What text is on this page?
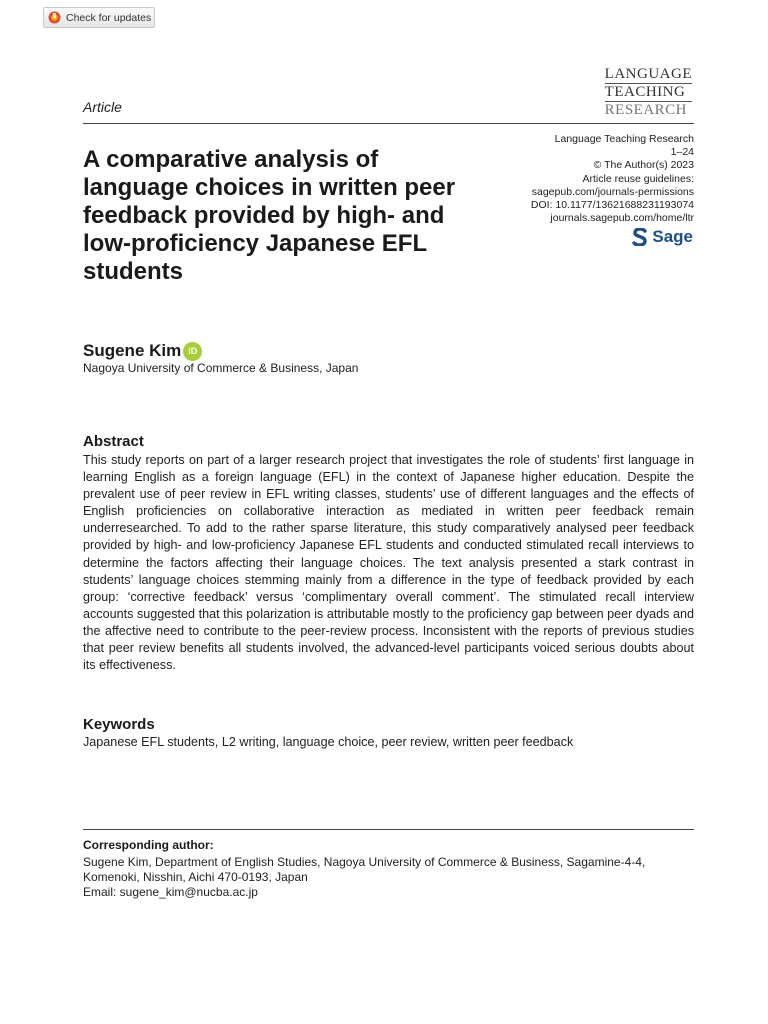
Check for updates
LANGUAGE
TEACHING
RESEARCH
Article
Language Teaching Research
1–24
© The Author(s) 2023
Article reuse guidelines:
sagepub.com/journals-permissions
DOI: 10.1177/13621688231193074
journals.sagepub.com/home/ltr
Sage
A comparative analysis of language choices in written peer feedback provided by high- and low-proficiency Japanese EFL students
Sugene Kim iD
Nagoya University of Commerce & Business, Japan
Abstract

This study reports on part of a larger research project that investigates the role of students’ first language in learning English as a foreign language (EFL) in the context of Japanese higher education. Despite the prevalent use of peer review in EFL writing classes, students’ use of different languages and the effects of English proficiencies on collaborative interaction as mediated in written peer feedback remain underresearched. To add to the rather sparse literature, this study comparatively analysed peer feedback provided by high- and low-proficiency Japanese EFL students and conducted stimulated recall interviews to determine the factors affecting their language choices. The text analysis presented a stark contrast in students’ language choices stemming mainly from a difference in the type of feedback provided by each group: ‘corrective feedback’ versus ‘complimentary overall comment’. The stimulated recall interview accounts suggested that this polarization is attributable mostly to the proficiency gap between peer dyads and the affective need to contribute to the peer-review process. Inconsistent with the reports of previous studies that peer review benefits all students involved, the advanced-level participants voiced serious doubts about its effectiveness.

Keywords
Japanese EFL students, L2 writing, language choice, peer review, written peer feedback
Corresponding author:
Sugene Kim, Department of English Studies, Nagoya University of Commerce & Business, Sagamine-4-4,
Komenoki, Nisshin, Aichi 470-0193, Japan
Email: sugene_kim@nucba.ac.jp
